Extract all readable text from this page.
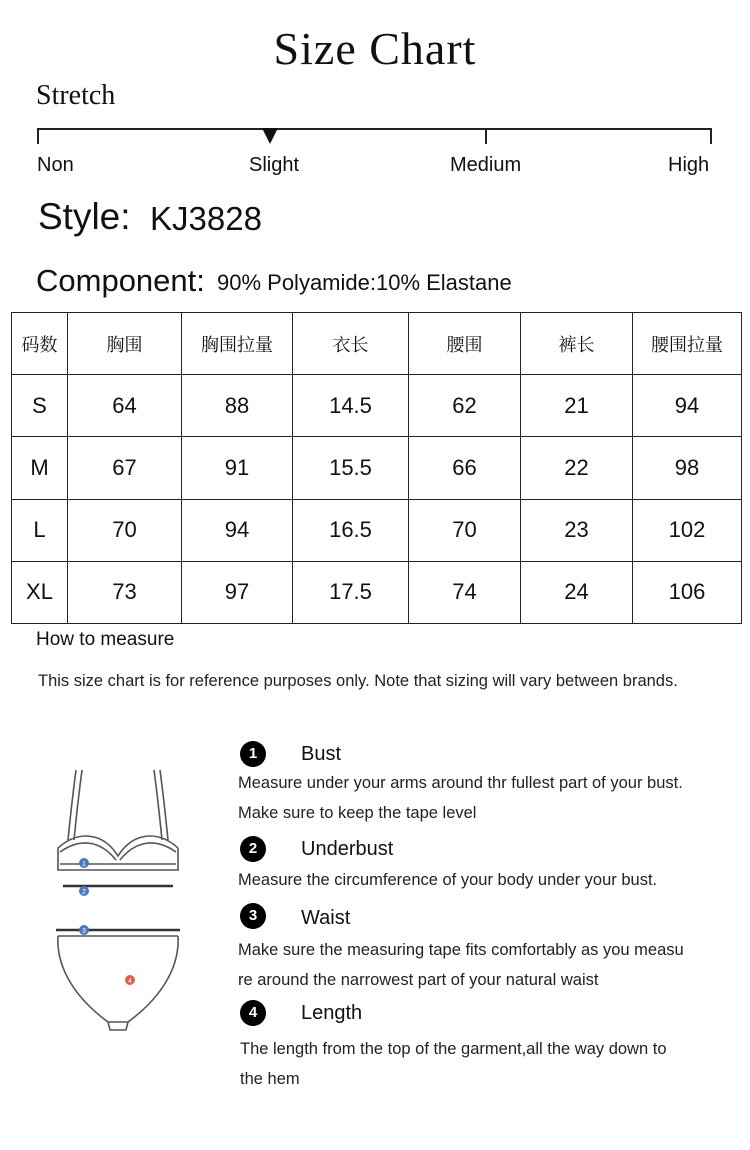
Size Chart
Stretch
Non	Slight	Medium	High
Style: KJ3828
Component: 90% Polyamide:10% Elastane
码数	胸围	胸围拉量	衣长	腰围	裤长	腰围拉量
S	64	88	14.5	62	21	94
M	67	91	15.5	66	22	98
L	70	94	16.5	70	23	102
XL	73	97	17.5	74	24	106
How to measure
This size chart is for reference purposes only. Note that sizing will vary between brands.
1
2
3
4
1	Bust
Measure under your arms around thr fullest part of your bust.
Make sure to keep the tape level
2	Underbust
Measure the circumference of your body under your bust.
3	Waist
Make sure the measuring tape fits comfortably as you measu
re around the narrowest part of your natural waist
4	Length
The length from the top of the garment,all the way down to
the hem
